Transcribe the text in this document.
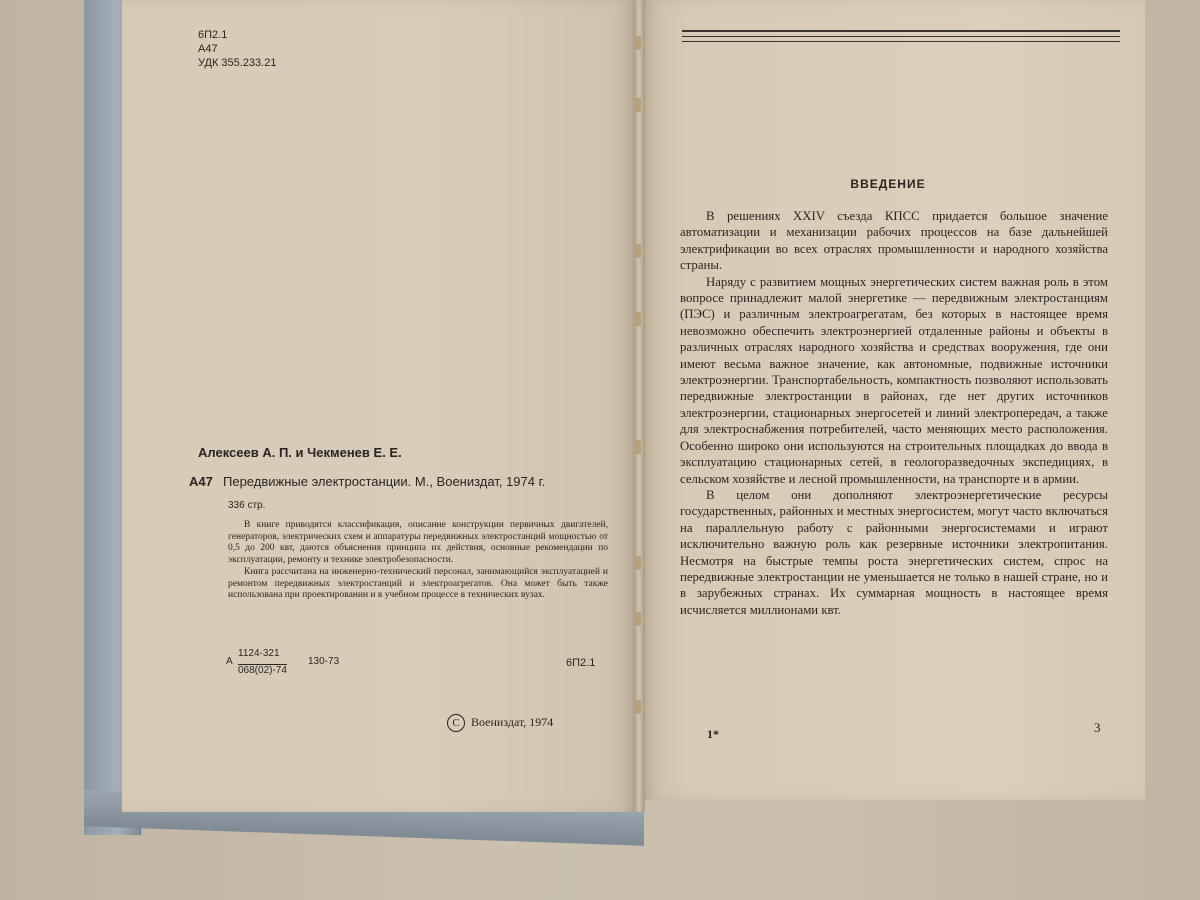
6П2.1
А47
УДК 355.233.21
Алексеев А. П. и Чекменев Е. Е.
А47 Передвижные электростанции. М., Воениздат, 1974 г.
336 стр.

В книге приводятся классификация, описание конструкции первичных двигателей, генераторов, электрических схем и аппаратуры передвижных электростанций мощностью от 0,5 до 200 квт, даются объяснения принципа их действия, основные рекомендации по эксплуатации, ремонту и технике электробезопасности.

Книга рассчитана на инженерно-технический персонал, занимающийся эксплуатацией и ремонтом передвижных электростанций и электроагрегатов. Она может быть также использована при проектировании и в учебном процессе в технических вузах.

А
1124-321
068(02)-74
130-73	6П2.1
C Воениздат, 1974
ВВЕДЕНИЕ

В решениях XXIV съезда КПСС придается большое значение автоматизации и механизации рабочих процессов на базе дальнейшей электрификации во всех отраслях промышленности и народного хозяйства страны.

Наряду с развитием мощных энергетических систем важная роль в этом вопросе принадлежит малой энергетике — передвижным электростанциям (ПЭС) и различным электроагрегатам, без которых в настоящее время невозможно обеспечить электроэнергией отдаленные районы и объекты в различных отраслях народного хозяйства и средствах вооружения, где они имеют весьма важное значение, как автономные, подвижные источники электроэнергии. Транспортабельность, компактность позволяют использовать передвижные электростанции в районах, где нет других источников электроэнергии, стационарных энергосетей и линий электропередач, а также для электроснабжения потребителей, часто меняющих место расположения. Особенно широко они используются на строительных площадках до ввода в эксплуатацию стационарных сетей, в геологоразведочных экспедициях, в сельском хозяйстве и лесной промышленности, на транспорте и в армии.

В целом они дополняют электроэнергетические ресурсы государственных, районных и местных энергосистем, могут часто включаться на параллельную работу с районными энергосистемами и играют исключительно важную роль как резервные источники электропитания. Несмотря на быстрые темпы роста энергетических систем, спрос на передвижные электростанции не уменьшается не только в нашей стране, но и в зарубежных странах. Их суммарная мощность в настоящее время исчисляется миллионами квт.

1*	3
